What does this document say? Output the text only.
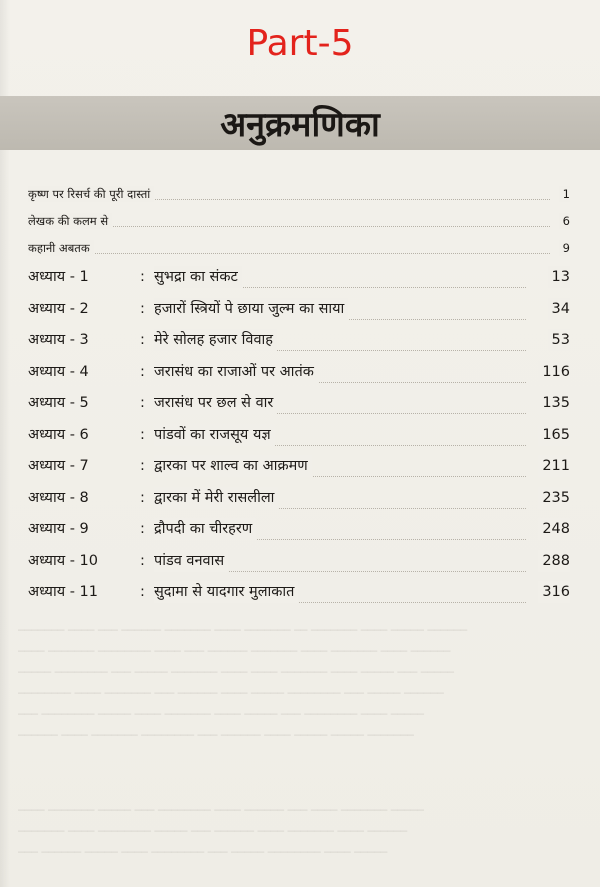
Part-5
अनुक्रमणिका
─────── ──── ─── ────── ─────── ──── ─────── ── ─────── ──── ───── ──────
──── ─────── ──────── ──── ─── ────── ─────── ──── ─────── ──── ──────
───── ──────── ─── ───── ─────── ──── ──── ─────── ──── ───── ─── ─────
──────── ──── ─────── ─── ────── ──── ───── ──────── ─── ───── ──────
─── ──────── ───── ──── ─────── ──── ───── ─── ──────── ──── ─────
────── ──── ─────── ──────── ─── ────── ──── ───── ───── ───────
──── ─────── ───── ─── ──────── ──── ────── ─── ──── ─────── ─────
─────── ──── ──────── ───── ─── ────── ──── ─────── ──── ──────
─── ────── ───── ──── ──────── ─── ───── ──────── ──── ─────
कृष्ण पर रिसर्च की पूरी दास्तां	1
लेखक की कलम से	6
कहानी अबतक	9
अध्याय - 1	: सुभद्रा का संकट	13
अध्याय - 2	: हजारों स्त्रियों पे छाया जुल्म का साया	34
अध्याय - 3	: मेरे सोलह हजार विवाह	53
अध्याय - 4	: जरासंध का राजाओं पर आतंक	116
अध्याय - 5	: जरासंध पर छल से वार	135
अध्याय - 6	: पांडवों का राजसूय यज्ञ	165
अध्याय - 7	: द्वारका पर शाल्व का आक्रमण	211
अध्याय - 8	: द्वारका में मेरी रासलीला	235
अध्याय - 9	: द्रौपदी का चीरहरण	248
अध्याय - 10	: पांडव वनवास	288
अध्याय - 11	: सुदामा से यादगार मुलाकात	316
